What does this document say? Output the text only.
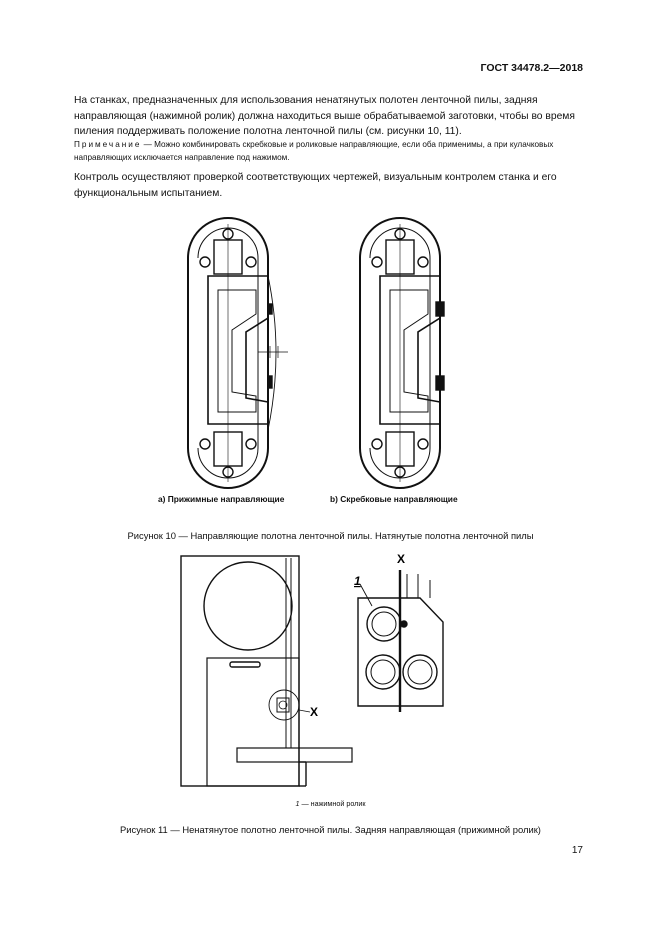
ГОСТ 34478.2—2018
На станках, предназначенных для использования ненатянутых полотен ленточной пилы, задняя направляющая (нажимной ролик) должна находиться выше обрабатываемой заготовки, чтобы во время пиления поддерживать положение полотна ленточной пилы (см. рисунки 10, 11).
Примечание — Можно комбинировать скребковые и роликовые направляющие, если оба применимы, а при кулачковых направляющих исключается направление под нажимом.
Контроль осуществляют проверкой соответствующих чертежей, визуальным контролем станка и его функциональным испытанием.
X
X
1
a) Прижимные направляющие	b) Скребковые направляющие
Рисунок 10 — Направляющие полотна ленточной пилы. Натянутые полотна ленточной пилы
1 — нажимной ролик
Рисунок 11 — Ненатянутое полотно ленточной пилы. Задняя направляющая (прижимной ролик)
17
